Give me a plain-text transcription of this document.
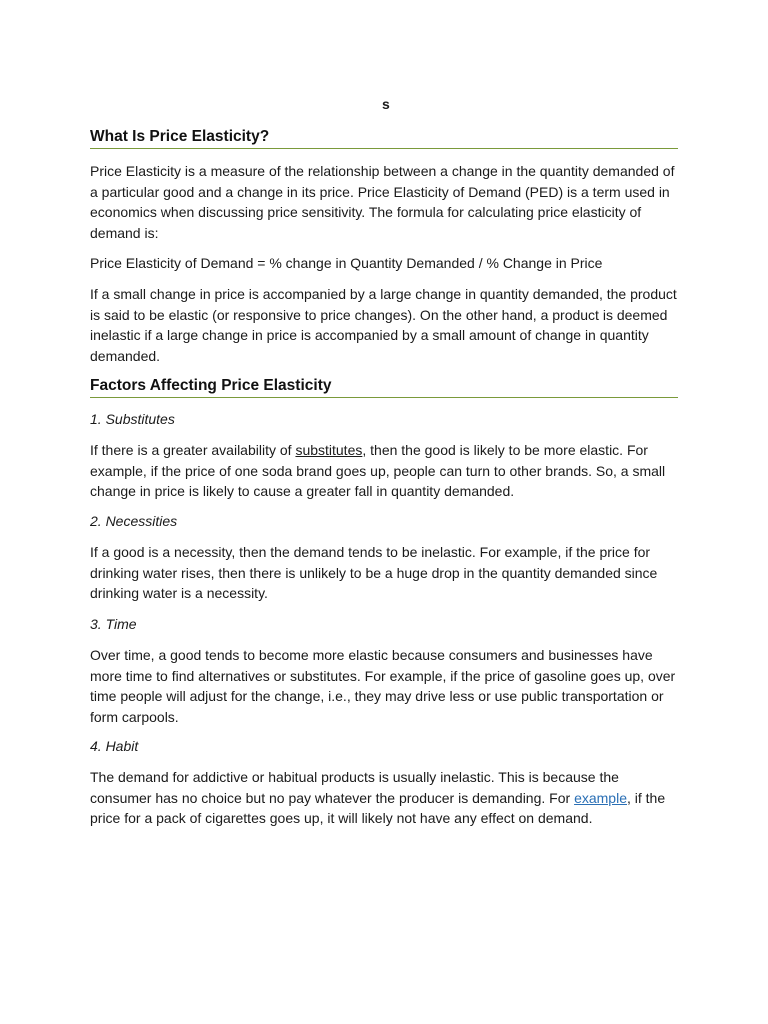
s
What Is Price Elasticity?

Price Elasticity is a measure of the relationship between a change in the quantity demanded of a particular good and a change in its price. Price Elasticity of Demand (PED) is a term used in economics when discussing price sensitivity. The formula for calculating price elasticity of demand is:

Price Elasticity of Demand = % change in Quantity Demanded / % Change in Price

If a small change in price is accompanied by a large change in quantity demanded, the product is said to be elastic (or responsive to price changes). On the other hand, a product is deemed inelastic if a large change in price is accompanied by a small amount of change in quantity demanded.

Factors Affecting Price Elasticity

1. Substitutes

If there is a greater availability of substitutes, then the good is likely to be more elastic. For example, if the price of one soda brand goes up, people can turn to other brands. So, a small change in price is likely to cause a greater fall in quantity demanded.

2. Necessities

If a good is a necessity, then the demand tends to be inelastic. For example, if the price for drinking water rises, then there is unlikely to be a huge drop in the quantity demanded since drinking water is a necessity.

3. Time

Over time, a good tends to become more elastic because consumers and businesses have more time to find alternatives or substitutes. For example, if the price of gasoline goes up, over time people will adjust for the change, i.e., they may drive less or use public transportation or form carpools.

4. Habit

The demand for addictive or habitual products is usually inelastic. This is because the consumer has no choice but no pay whatever the producer is demanding. For example, if the price for a pack of cigarettes goes up, it will likely not have any effect on demand.
